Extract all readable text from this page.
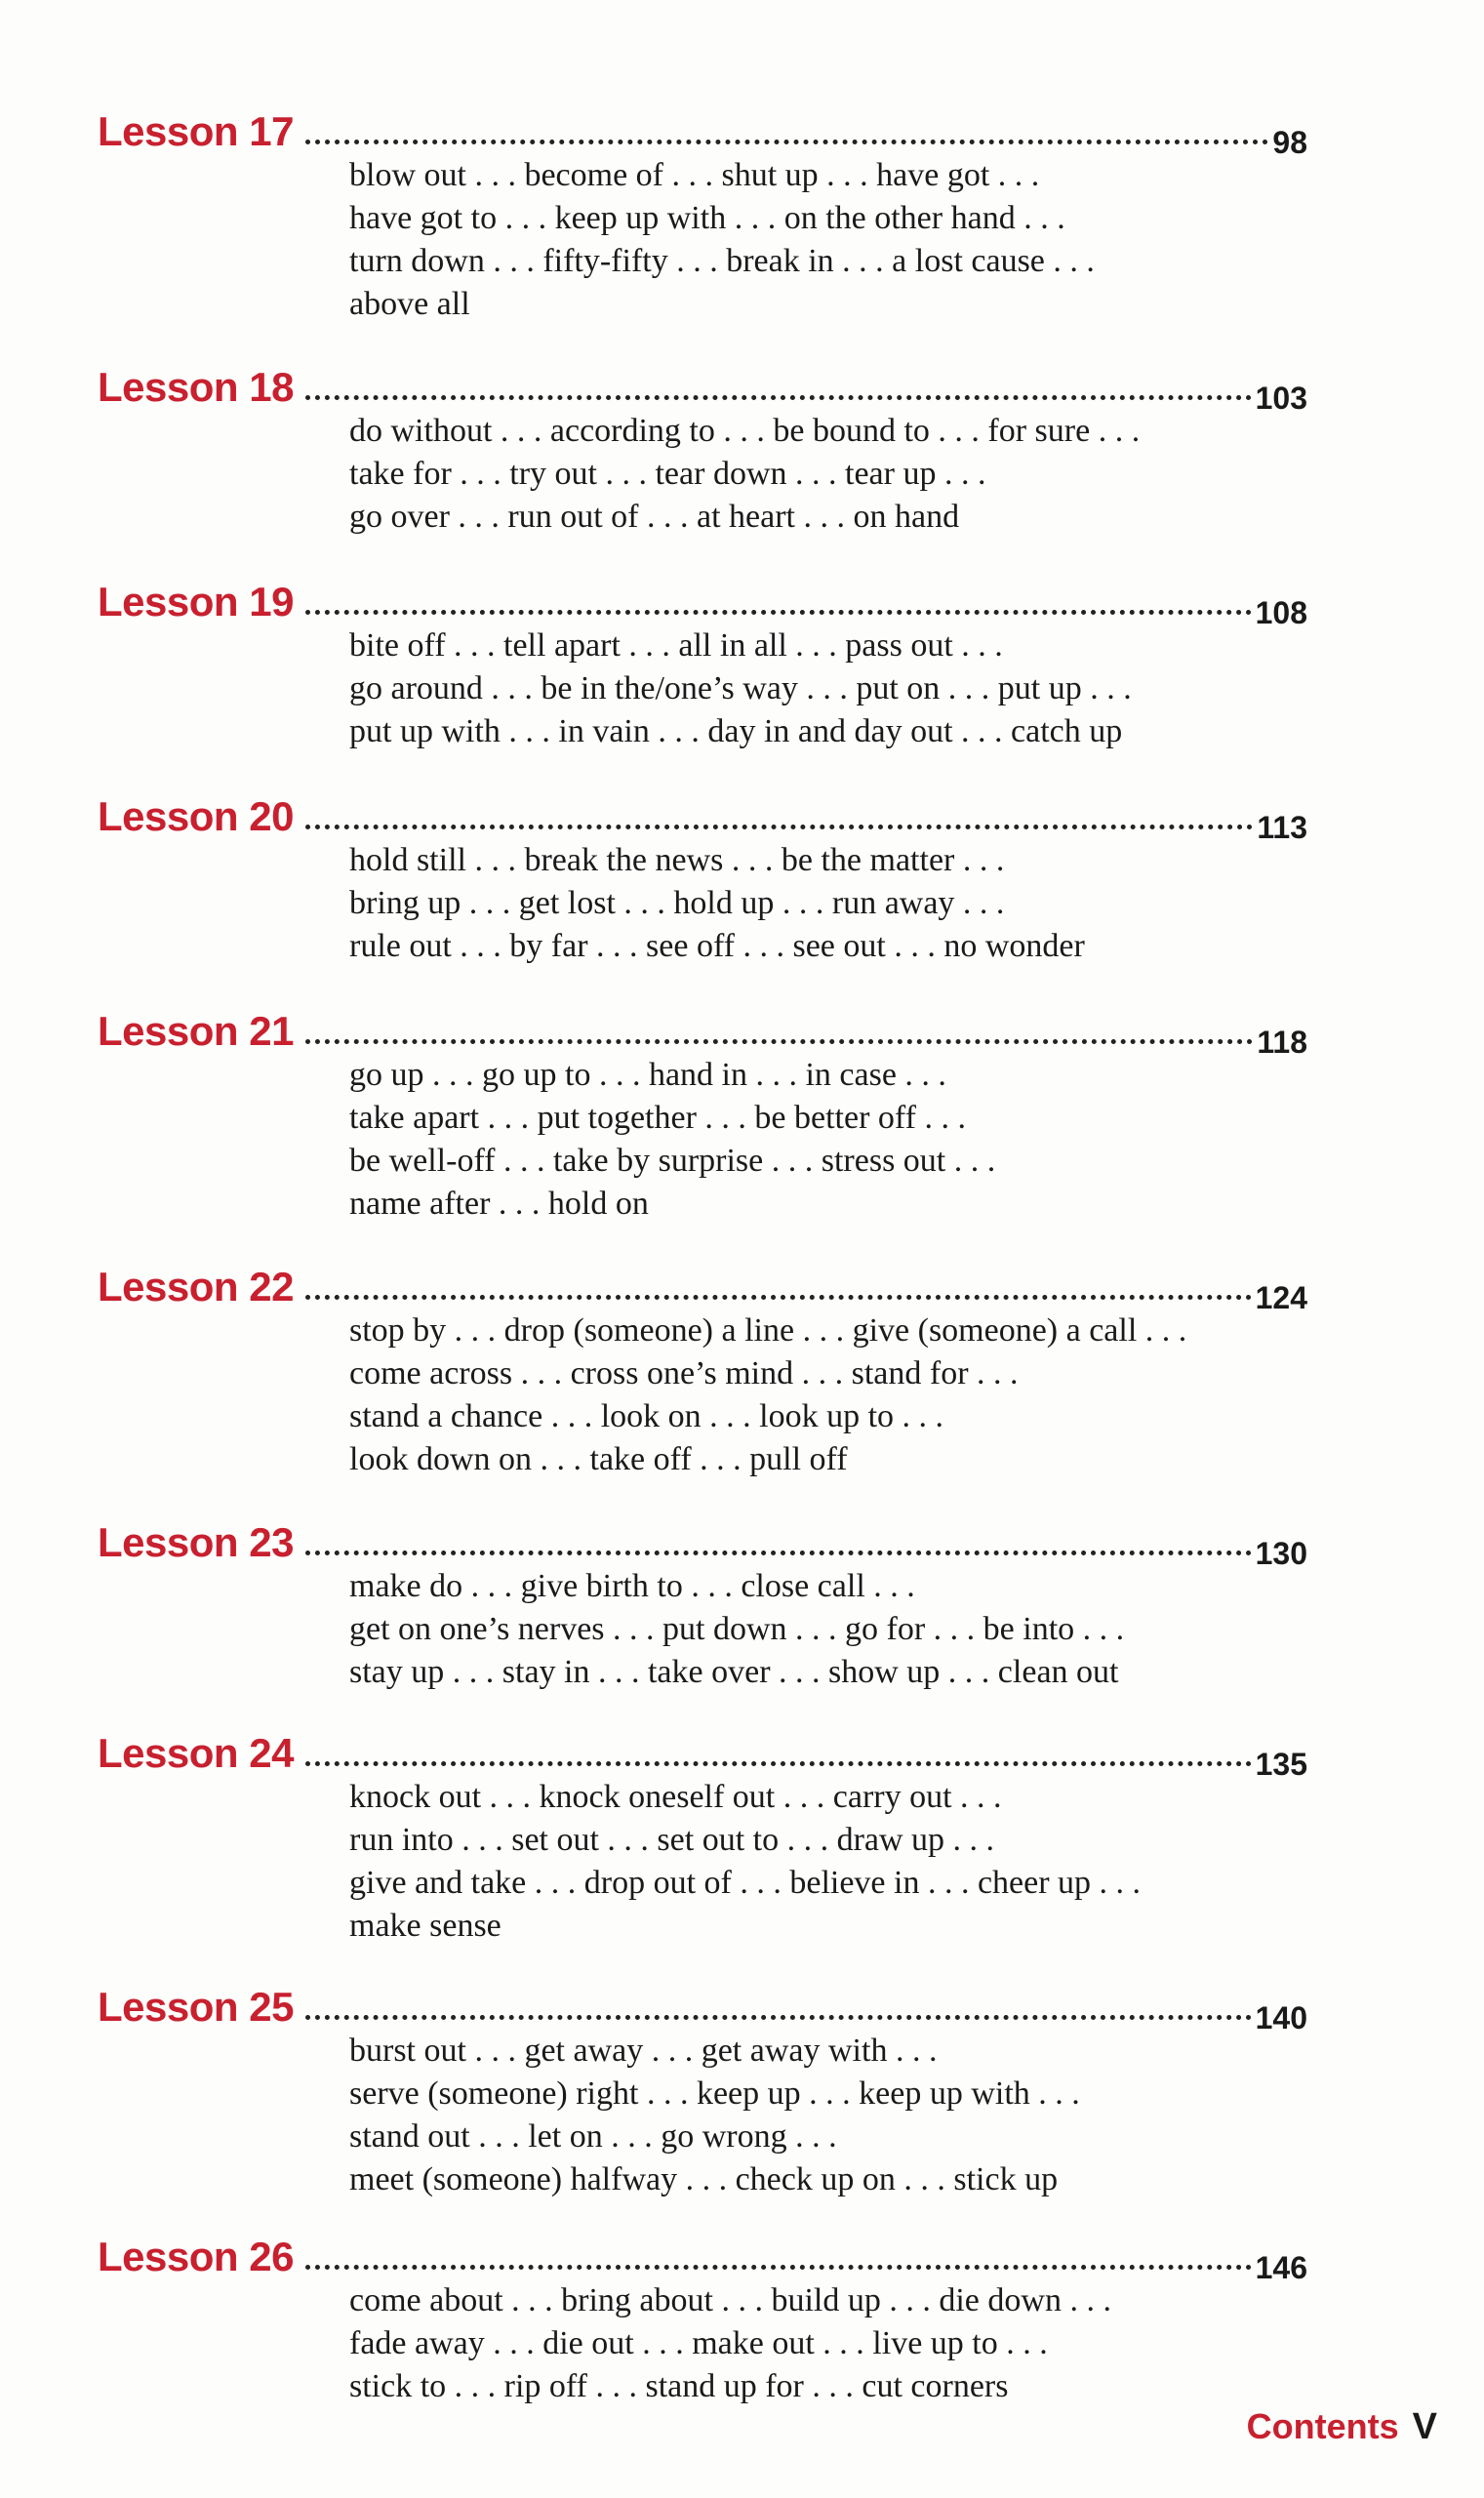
Lesson 17	98
blow out . . . become of . . . shut up . . . have got . . .
have got to . . . keep up with . . . on the other hand . . .
turn down . . . fifty-fifty . . . break in . . . a lost cause . . .
above all
Lesson 18	103
do without . . . according to . . . be bound to . . . for sure . . .
take for . . . try out . . . tear down . . . tear up . . .
go over . . . run out of . . . at heart . . . on hand
Lesson 19	108
bite off . . . tell apart . . . all in all . . . pass out . . .
go around . . . be in the/one’s way . . . put on . . . put up . . .
put up with . . . in vain . . . day in and day out . . . catch up
Lesson 20	113
hold still . . . break the news . . . be the matter . . .
bring up . . . get lost . . . hold up . . . run away . . .
rule out . . . by far . . . see off . . . see out . . . no wonder
Lesson 21	118
go up . . . go up to . . . hand in . . . in case . . .
take apart . . . put together . . . be better off . . .
be well-off . . . take by surprise . . . stress out . . .
name after . . . hold on
Lesson 22	124
stop by . . . drop (someone) a line . . . give (someone) a call . . .
come across . . . cross one’s mind . . . stand for . . .
stand a chance . . . look on . . . look up to . . .
look down on . . . take off . . . pull off
Lesson 23	130
make do . . . give birth to . . . close call . . .
get on one’s nerves . . . put down . . . go for . . . be into . . .
stay up . . . stay in . . . take over . . . show up . . . clean out
Lesson 24	135
knock out . . . knock oneself out . . . carry out . . .
run into . . . set out . . . set out to . . . draw up . . .
give and take . . . drop out of . . . believe in . . . cheer up . . .
make sense
Lesson 25	140
burst out . . . get away . . . get away with . . .
serve (someone) right . . . keep up . . . keep up with . . .
stand out . . . let on . . . go wrong . . .
meet (someone) halfway . . . check up on . . . stick up
Lesson 26	146
come about . . . bring about . . . build up . . . die down . . .
fade away . . . die out . . . make out . . . live up to . . .
stick to . . . rip off . . . stand up for . . . cut corners
Contents V
